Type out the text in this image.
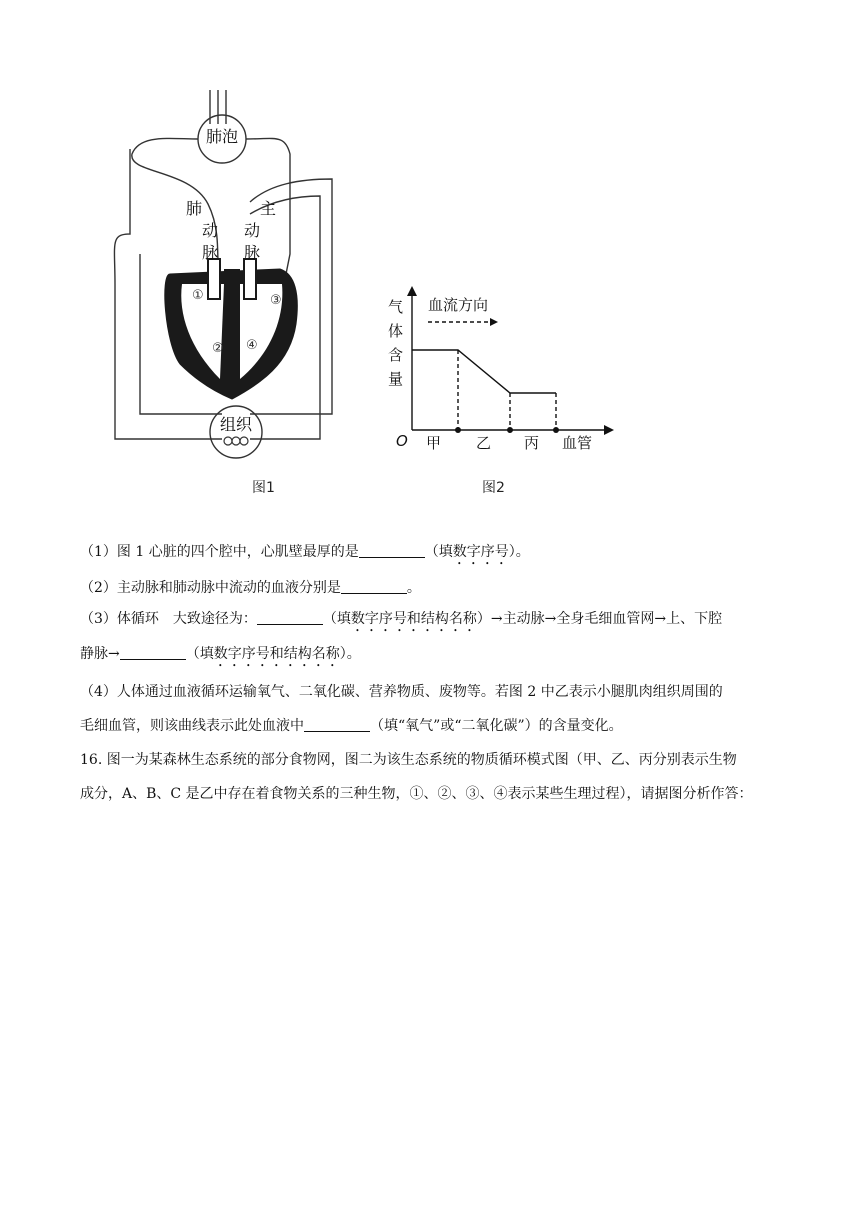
①
②
③
④
肺泡
肺
动
脉
主
动
脉
组织
图1
气
体
含
量
血流方向
O 甲 乙 丙 血管
图2
（1）图 1 心脏的四个腔中，心肌壁最厚的是	（填数字序号）。
（2）主动脉和肺动脉中流动的血液分别是	。
（3）体循环　大致途径为：	（填数字序号和结构名称）→主动脉→全身毛细血管网→上、下腔
静脉→	（填数字序号和结构名称）。
（4）人体通过血液循环运输氧气、二氧化碳、营养物质、废物等。若图 2 中乙表示小腿肌肉组织周围的
毛细血管，则该曲线表示此处血液中	（填“氧气”或“二氧化碳”）的含量变化。
16. 图一为某森林生态系统的部分食物网，图二为该生态系统的物质循环模式图（甲、乙、丙分别表示生物
成分，A、B、C 是乙中存在着食物关系的三种生物，①、②、③、④表示某些生理过程），请据图分析作答：
